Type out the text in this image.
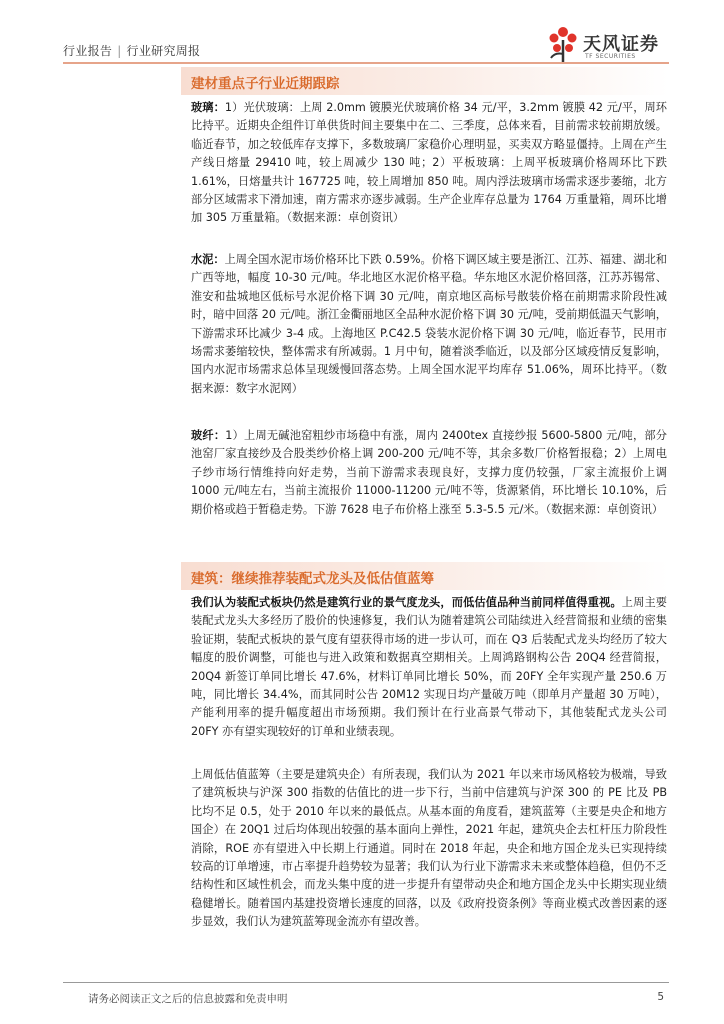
行业报告 | 行业研究周报	天风证券
TF SECURITIES
建材重点子行业近期跟踪
玻璃：1）光伏玻璃：上周 2.0mm 镀膜光伏玻璃价格 34 元/平，3.2mm 镀膜 42 元/平，周环比持平。近期央企组件订单供货时间主要集中在二、三季度，总体来看，目前需求较前期放缓。临近春节，加之较低库存支撑下，多数玻璃厂家稳价心理明显，买卖双方略显僵持。上周在产生产线日熔量 29410 吨，较上周减少 130 吨；2）平板玻璃：上周平板玻璃价格周环比下跌 1.61%，日熔量共计 167725 吨，较上周增加 850 吨。周内浮法玻璃市场需求逐步萎缩，北方部分区域需求下滑加速，南方需求亦逐步减弱。生产企业库存总量为 1764 万重量箱，周环比增加 305 万重量箱。（数据来源：卓创资讯）
水泥：上周全国水泥市场价格环比下跌 0.59%。价格下调区域主要是浙江、江苏、福建、湖北和广西等地，幅度 10-30 元/吨。华北地区水泥价格平稳。华东地区水泥价格回落，江苏苏锡常、淮安和盐城地区低标号水泥价格下调 30 元/吨，南京地区高标号散装价格在前期需求阶段性减时，暗中回落 20 元/吨。浙江金衢丽地区全品种水泥价格下调 30 元/吨，受前期低温天气影响，下游需求环比减少 3-4 成。上海地区 P.C42.5 袋装水泥价格下调 30 元/吨，临近春节，民用市场需求萎缩较快，整体需求有所减弱。1 月中旬，随着淡季临近，以及部分区域疫情反复影响，国内水泥市场需求总体呈现缓慢回落态势。上周全国水泥平均库存 51.06%，周环比持平。（数据来源：数字水泥网）
玻纤：1）上周无碱池窑粗纱市场稳中有涨，周内 2400tex 直接纱报 5600-5800 元/吨，部分池窑厂家直接纱及合股类纱价格上调 200-200 元/吨不等，其余多数厂价格暂报稳；2）上周电子纱市场行情维持向好走势，当前下游需求表现良好，支撑力度仍较强，厂家主流报价上调 1000 元/吨左右，当前主流报价 11000-11200 元/吨不等，货源紧俏，环比增长 10.10%，后期价格或趋于暂稳走势。下游 7628 电子布价格上涨至 5.3-5.5 元/米。（数据来源：卓创资讯）
建筑：继续推荐装配式龙头及低估值蓝筹
我们认为装配式板块仍然是建筑行业的景气度龙头，而低估值品种当前同样值得重视。上周主要装配式龙头大多经历了股价的快速修复，我们认为随着建筑公司陆续进入经营简报和业绩的密集验证期，装配式板块的景气度有望获得市场的进一步认可，而在 Q3 后装配式龙头均经历了较大幅度的股价调整，可能也与进入政策和数据真空期相关。上周鸿路钢构公告 20Q4 经营简报，20Q4 新签订单同比增长 47.6%，材料订单同比增长 50%，而 20FY 全年实现产量 250.6 万吨，同比增长 34.4%，而其同时公告 20M12 实现日均产量破万吨（即单月产量超 30 万吨），产能利用率的提升幅度超出市场预期。我们预计在行业高景气带动下，其他装配式龙头公司 20FY 亦有望实现较好的订单和业绩表现。
上周低估值蓝筹（主要是建筑央企）有所表现，我们认为 2021 年以来市场风格较为极端，导致了建筑板块与沪深 300 指数的估值比的进一步下行，当前中信建筑与沪深 300 的 PE 比及 PB 比均不足 0.5，处于 2010 年以来的最低点。从基本面的角度看，建筑蓝筹（主要是央企和地方国企）在 20Q1 过后均体现出较强的基本面向上弹性，2021 年起，建筑央企去杠杆压力阶段性消除，ROE 亦有望进入中长期上行通道。同时在 2018 年起，央企和地方国企龙头已实现持续较高的订单增速，市占率提升趋势较为显著；我们认为行业下游需求未来或整体趋稳，但仍不乏结构性和区域性机会，而龙头集中度的进一步提升有望带动央企和地方国企龙头中长期实现业绩稳健增长。随着国内基建投资增长速度的回落，以及《政府投资条例》等商业模式改善因素的逐步显效，我们认为建筑蓝筹现金流亦有望改善。
请务必阅读正文之后的信息披露和免责申明	5
